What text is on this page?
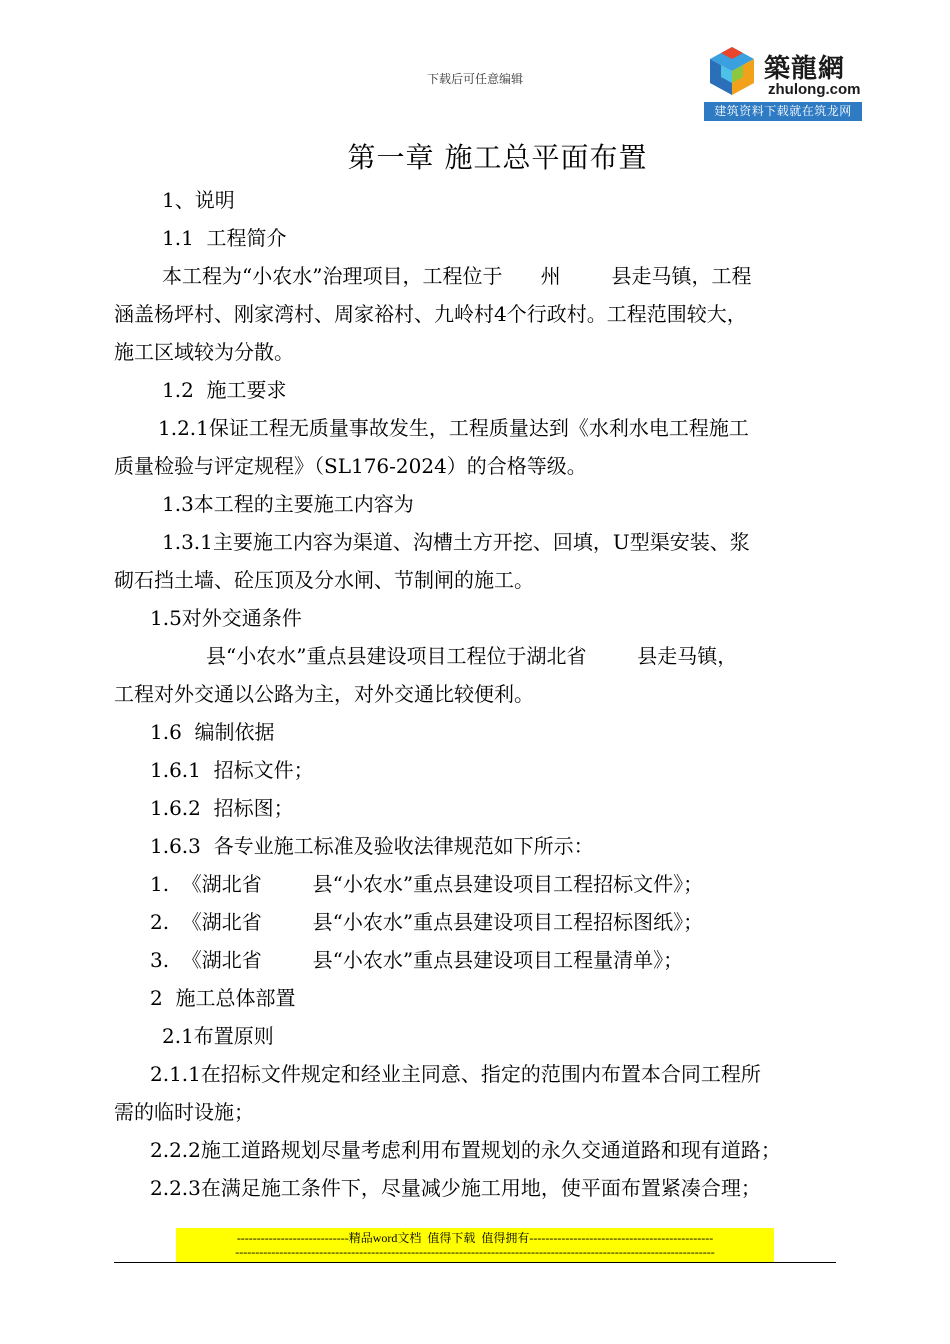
下载后可任意编辑	築龍網
zhulong.com
建筑资料下载就在筑龙网
第一章 施工总平面布置
1、说明
1.1  工程简介
本工程为“小农水”治理项目，工程位于      州        县走马镇，工程
涵盖杨坪村、刚家湾村、周家裕村、九岭村4个行政村。工程范围较大，
施工区域较为分散。
1.2  施工要求
1.2.1保证工程无质量事故发生，工程质量达到《水利水电工程施工
质量检验与评定规程》（SL176-2024）的合格等级。
1.3本工程的主要施工内容为
1.3.1主要施工内容为渠道、沟槽土方开挖、回填，U型渠安装、浆
砌石挡土墙、砼压顶及分水闸、节制闸的施工。
1.5对外交通条件
县“小农水”重点县建设项目工程位于湖北省        县走马镇，
工程对外交通以公路为主，对外交通比较便利。
1.6  编制依据
1.6.1  招标文件；
1.6.2  招标图；
1.6.3  各专业施工标准及验收法律规范如下所示：
1.  《湖北省        县“小农水”重点县建设项目工程招标文件》；
2.  《湖北省        县“小农水”重点县建设项目工程招标图纸》；
3.  《湖北省        县“小农水”重点县建设项目工程量清单》；
2  施工总体部置
2.1布置原则
2.1.1在招标文件规定和经业主同意、指定的范围内布置本合同工程所
需的临时设施；
2.2.2施工道路规划尽量考虑利用布置规划的永久交通道路和现有道路；
2.2.3在满足施工条件下，尽量减少施工用地，使平面布置紧凑合理；
----------------------------精品word文档  值得下载  值得拥有----------------------------------------------
------------------------------------------------------------------------------------------------------------------------
